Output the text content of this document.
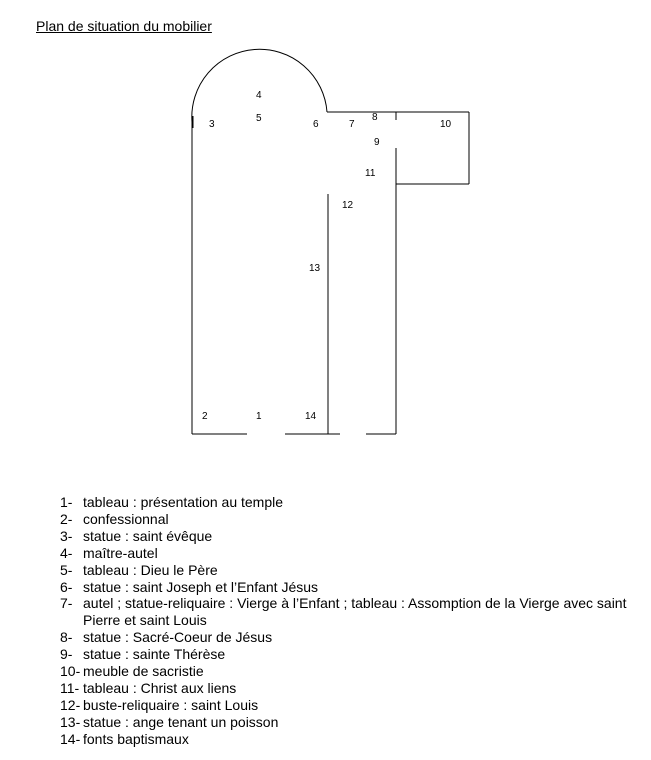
Plan de situation du mobilier
4
5
3	6	7
8
10
9
11
12
13
2	1	14
1- tableau : présentation au temple
2- confessionnal
3- statue : saint évêque
4- maître-autel
5- tableau : Dieu le Père
6- statue : saint Joseph et l’Enfant Jésus
7- autel ; statue-reliquaire : Vierge à l’Enfant ; tableau : Assomption de la Vierge avec saint Pierre et saint Louis
8- statue : Sacré-Coeur de Jésus
9- statue : sainte Thérèse
10- meuble de sacristie
11- tableau : Christ aux liens
12- buste-reliquaire : saint Louis
13- statue : ange tenant un poisson
14- fonts baptismaux
